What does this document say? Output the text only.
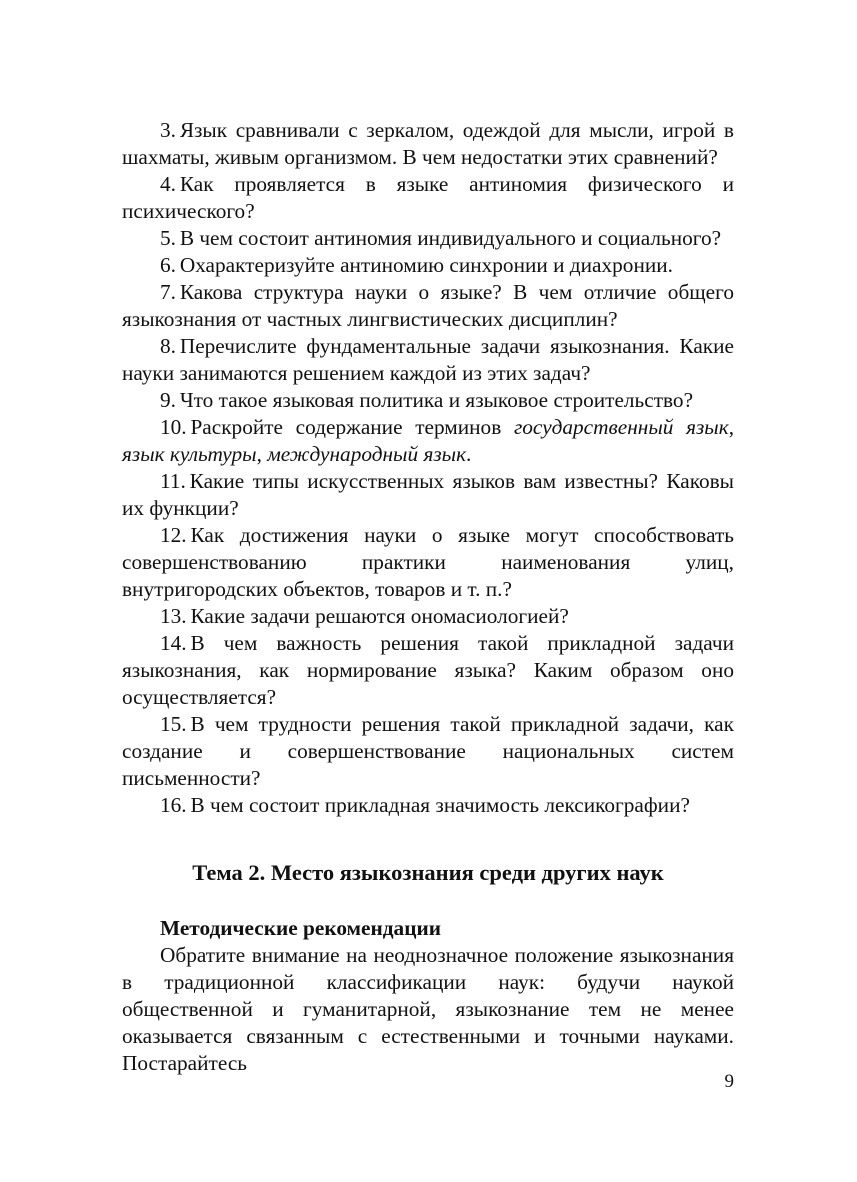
3. Язык сравнивали с зеркалом, одеждой для мысли, игрой в шахматы, живым организмом. В чем недостатки этих сравнений?

4. Как проявляется в языке антиномия физического и психического?

5. В чем состоит антиномия индивидуального и социального?

6. Охарактеризуйте антиномию синхронии и диахронии.

7. Какова структура науки о языке? В чем отличие общего языкознания от частных лингвистических дисциплин?

8. Перечислите фундаментальные задачи языкознания. Какие науки занимаются решением каждой из этих задач?

9. Что такое языковая политика и языковое строительство?

10. Раскройте содержание терминов государственный язык, язык культуры, международный язык.

11. Какие типы искусственных языков вам известны? Каковы их функции?

12. Как достижения науки о языке могут способствовать совершенствованию практики наименования улиц, внутригородских объектов, товаров и т. п.?

13. Какие задачи решаются ономасиологией?

14. В чем важность решения такой прикладной задачи языкознания, как нормирование языка? Каким образом оно осуществляется?

15. В чем трудности решения такой прикладной задачи, как создание и совершенствование национальных систем письменности?

16. В чем состоит прикладная значимость лексикографии?

Тема 2. Место языкознания среди других наук

Методические рекомендации

Обратите внимание на неоднозначное положение языкознания в традиционной классификации наук: будучи наукой общественной и гуманитарной, языкознание тем не менее оказывается связанным с естественными и точными науками. Постарайтесь

9
